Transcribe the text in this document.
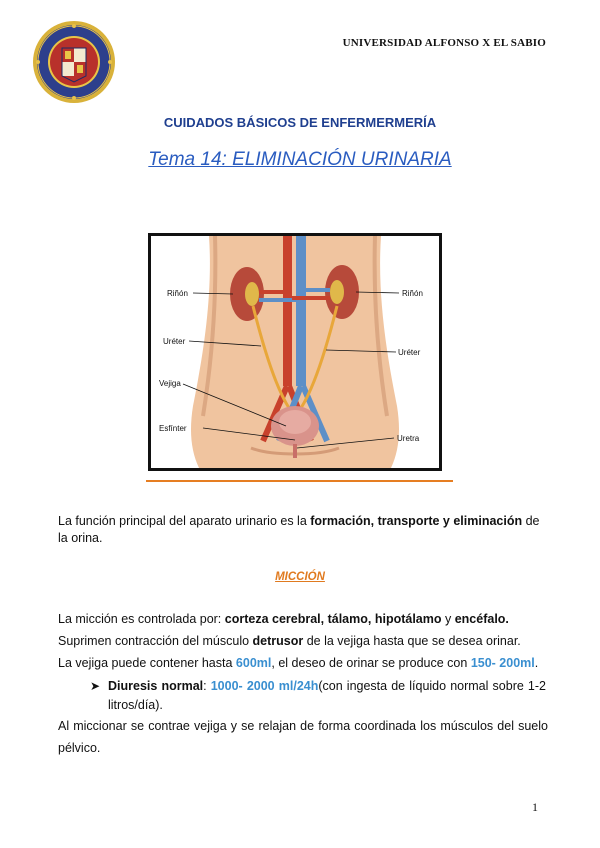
UNIVERSIDAD ALFONSO X EL SABIO
CUIDADOS BÁSICOS DE ENFERMERMERÍA
Tema 14: ELIMINACIÓN URINARIA
Riñón	Riñón
Uréter
Uréter
Vejiga
Esfínter
Uretra
La función principal del aparato urinario es la formación, transporte y eliminación de la orina.
MICCIÓN
La micción es controlada por: corteza cerebral, tálamo, hipotálamo y encéfalo.
Suprimen contracción del músculo detrusor de la vejiga hasta que se desea orinar.
La vejiga puede contener hasta 600ml, el deseo de orinar se produce con 150- 200ml.
➤ Diuresis normal: 1000- 2000 ml/24h(con ingesta de líquido normal sobre 1-2 litros/día).
Al miccionar se contrae vejiga y se relajan de forma coordinada los músculos del suelo pélvico.
1
